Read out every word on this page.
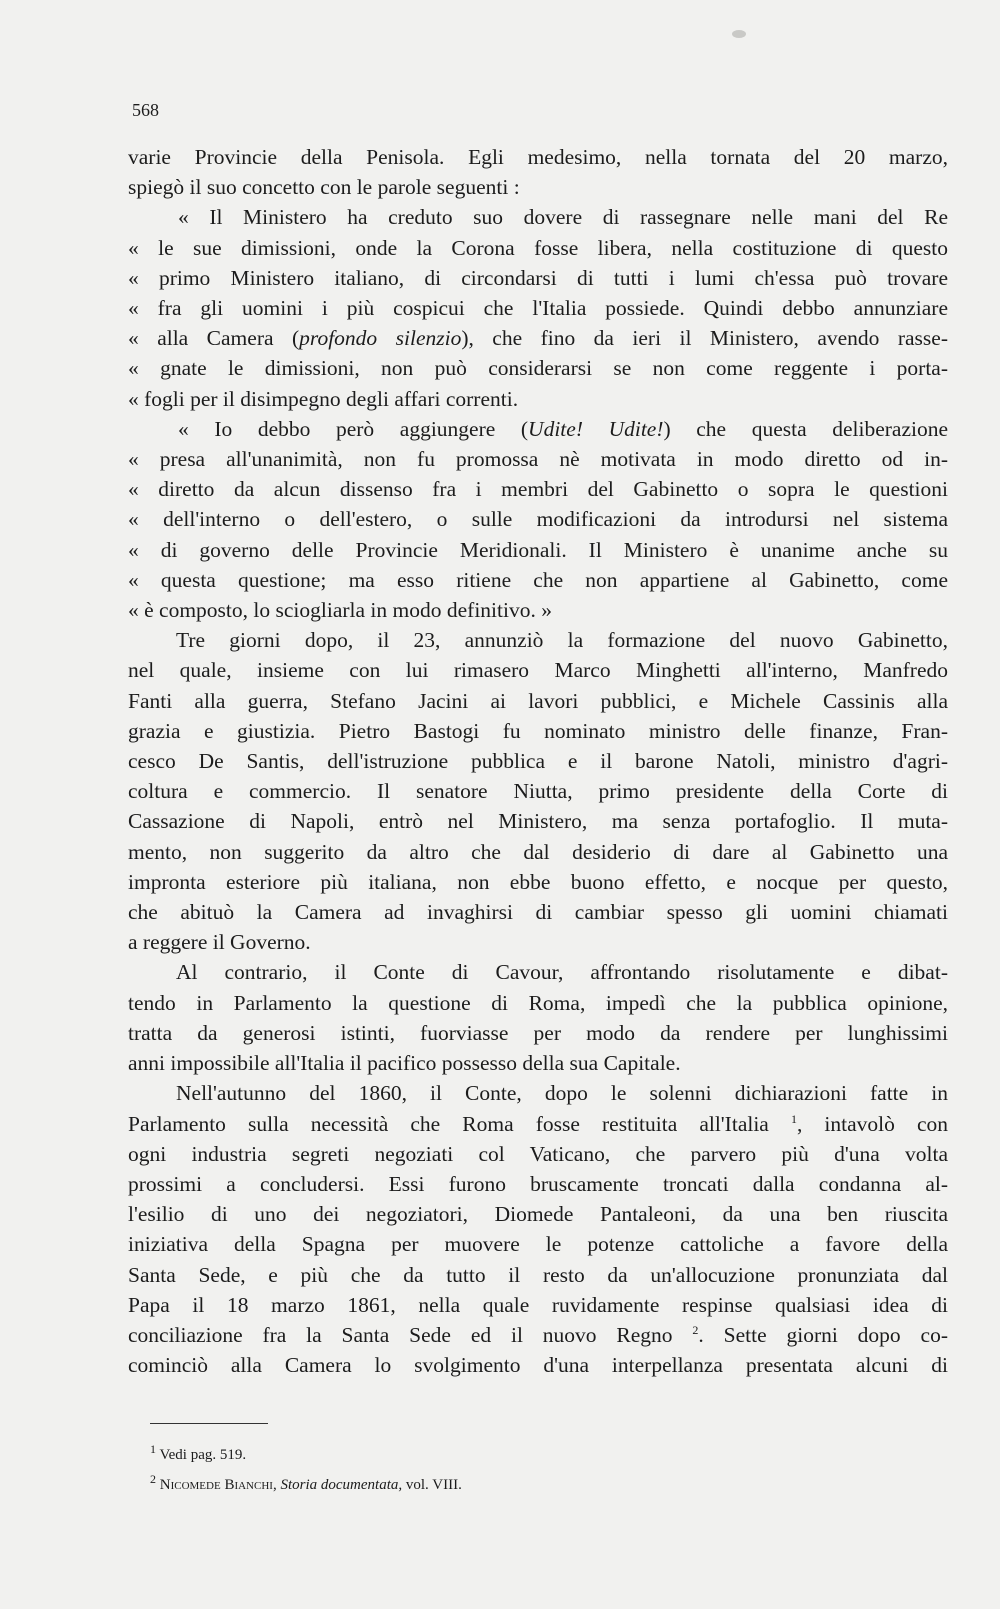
568
varie Provincie della Penisola. Egli medesimo, nella tornata del 20 marzo,
spiegò il suo concetto con le parole seguenti :
« Il Ministero ha creduto suo dovere di rassegnare nelle mani del Re
« le sue dimissioni, onde la Corona fosse libera, nella costituzione di questo
« primo Ministero italiano, di circondarsi di tutti i lumi ch'essa può trovare
« fra gli uomini i più cospicui che l'Italia possiede. Quindi debbo annunziare
« alla Camera (profondo silenzio), che fino da ieri il Ministero, avendo rasse-
« gnate le dimissioni, non può considerarsi se non come reggente i porta-
« fogli per il disimpegno degli affari correnti.
« Io debbo però aggiungere (Udite! Udite!) che questa deliberazione
« presa all'unanimità, non fu promossa nè motivata in modo diretto od in-
« diretto da alcun dissenso fra i membri del Gabinetto o sopra le questioni
« dell'interno o dell'estero, o sulle modificazioni da introdursi nel sistema
« di governo delle Provincie Meridionali. Il Ministero è unanime anche su
« questa questione; ma esso ritiene che non appartiene al Gabinetto, come
« è composto, lo sciogliarla in modo definitivo. »
Tre giorni dopo, il 23, annunziò la formazione del nuovo Gabinetto,
nel quale, insieme con lui rimasero Marco Minghetti all'interno, Manfredo
Fanti alla guerra, Stefano Jacini ai lavori pubblici, e Michele Cassinis alla
grazia e giustizia. Pietro Bastogi fu nominato ministro delle finanze, Fran-
cesco De Santis, dell'istruzione pubblica e il barone Natoli, ministro d'agri-
coltura e commercio. Il senatore Niutta, primo presidente della Corte di
Cassazione di Napoli, entrò nel Ministero, ma senza portafoglio. Il muta-
mento, non suggerito da altro che dal desiderio di dare al Gabinetto una
impronta esteriore più italiana, non ebbe buono effetto, e nocque per questo,
che abituò la Camera ad invaghirsi di cambiar spesso gli uomini chiamati
a reggere il Governo.
Al contrario, il Conte di Cavour, affrontando risolutamente e dibat-
tendo in Parlamento la questione di Roma, impedì che la pubblica opinione,
tratta da generosi istinti, fuorviasse per modo da rendere per lunghissimi
anni impossibile all'Italia il pacifico possesso della sua Capitale.
Nell'autunno del 1860, il Conte, dopo le solenni dichiarazioni fatte in
Parlamento sulla necessità che Roma fosse restituita all'Italia $^1$, intavolò con
ogni industria segreti negoziati col Vaticano, che parvero più d'una volta
prossimi a concludersi. Essi furono bruscamente troncati dalla condanna al-
l'esilio di uno dei negoziatori, Diomede Pantaleoni, da una ben riuscita
iniziativa della Spagna per muovere le potenze cattoliche a favore della
Santa Sede, e più che da tutto il resto da un'allocuzione pronunziata dal
Papa il 18 marzo 1861, nella quale ruvidamente respinse qualsiasi idea di
conciliazione fra la Santa Sede ed il nuovo Regno $^2$. Sette giorni dopo co-
cominciò alla Camera lo svolgimento d'una interpellanza presentata alcuni di
$^1$ Vedi pag. 519.
$^2$ Nicomede Bianchi, Storia documentata, vol. VIII.
